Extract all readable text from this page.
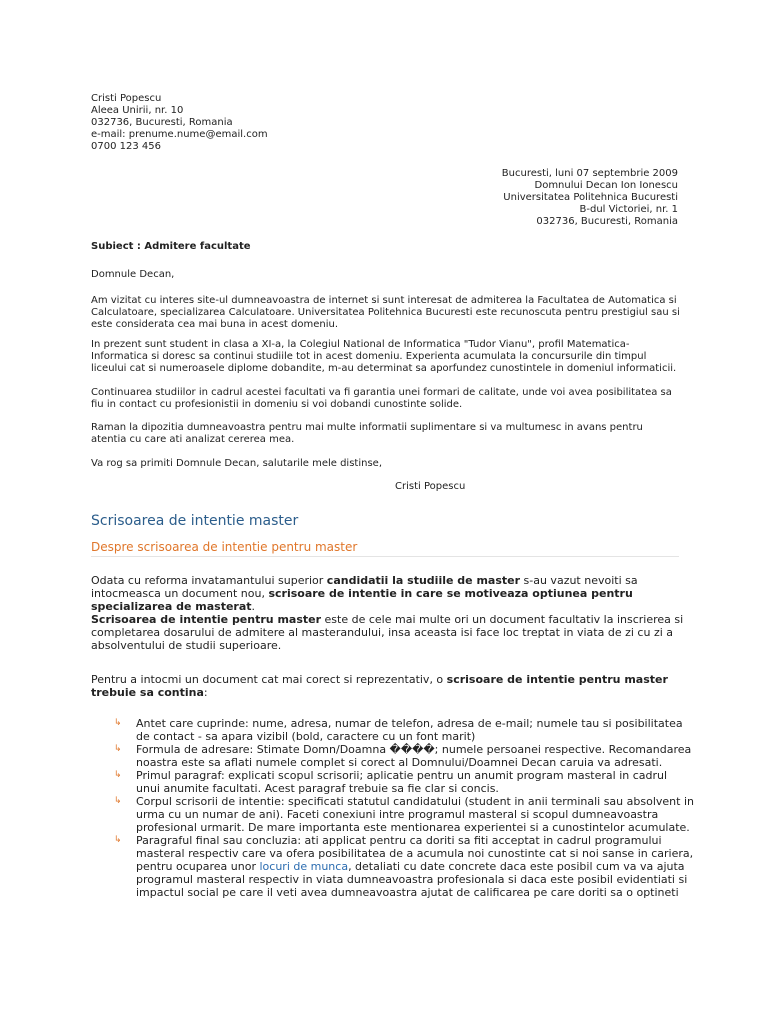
Cristi Popescu
Aleea Unirii, nr. 10
032736, Bucuresti, Romania
e-mail: prenume.nume@email.com
0700 123 456
Bucuresti, luni 07 septembrie 2009
Domnului Decan Ion Ionescu
Universitatea Politehnica Bucuresti
B-dul Victoriei, nr. 1
032736, Bucuresti, Romania
Subiect : Admitere facultate
Domnule Decan,
Am vizitat cu interes site-ul dumneavoastra de internet si sunt interesat de admiterea la Facultatea de Automatica si Calculatoare, specializarea Calculatoare. Universitatea Politehnica Bucuresti este recunoscuta pentru prestigiul sau si este considerata cea mai buna in acest domeniu.
In prezent sunt student in clasa a XI-a, la Colegiul National de Informatica "Tudor Vianu", profil Matematica-Informatica si doresc sa continui studiile tot in acest domeniu. Experienta acumulata la concursurile din timpul liceului cat si numeroasele diplome dobandite, m-au determinat sa aporfundez cunostintele in domeniul informaticii.
Continuarea studiilor in cadrul acestei facultati va fi garantia unei formari de calitate, unde voi avea posibilitatea sa fiu in contact cu profesionistii in domeniu si voi dobandi cunostinte solide.
Raman la dipozitia dumneavoastra pentru mai multe informatii suplimentare si va multumesc in avans pentru atentia cu care ati analizat cererea mea.
Va rog sa primiti Domnule Decan, salutarile mele distinse,
Cristi Popescu
Scrisoarea de intentie master
Despre scrisoarea de intentie pentru master
Odata cu reforma invatamantului superior candidatii la studiile de master s-au vazut nevoiti sa intocmeasca un document nou, scrisoare de intentie in care se motiveaza optiunea pentru specializarea de masterat.
Scrisoarea de intentie pentru master este de cele mai multe ori un document facultativ la inscrierea si completarea dosarului de admitere al masterandului, insa aceasta isi face loc treptat in viata de zi cu zi a absolventului de studii superioare.
Pentru a intocmi un document cat mai corect si reprezentativ, o scrisoare de intentie pentru master trebuie sa contina:
↳ Antet care cuprinde: nume, adresa, numar de telefon, adresa de e-mail; numele tau si posibilitatea de contact - sa apara vizibil (bold, caractere cu un font marit)
↳ Formula de adresare: Stimate Domn/Doamna ����; numele persoanei respective. Recomandarea noastra este sa aflati numele complet si corect al Domnului/Doamnei Decan caruia va adresati.
↳ Primul paragraf: explicati scopul scrisorii; aplicatie pentru un anumit program masteral in cadrul unui anumite facultati. Acest paragraf trebuie sa fie clar si concis.
↳ Corpul scrisorii de intentie: specificati statutul candidatului (student in anii terminali sau absolvent in urma cu un numar de ani). Faceti conexiuni intre programul masteral si scopul dumneavoastra profesional urmarit. De mare importanta este mentionarea experientei si a cunostintelor acumulate.
↳ Paragraful final sau concluzia: ati applicat pentru ca doriti sa fiti acceptat in cadrul programului masteral respectiv care va ofera posibilitatea de a acumula noi cunostinte cat si noi sanse in cariera, pentru ocuparea unor locuri de munca, detaliati cu date concrete daca este posibil cum va va ajuta programul masteral respectiv in viata dumneavoastra profesionala si daca este posibil evidentiati si impactul social pe care il veti avea dumneavoastra ajutat de calificarea pe care doriti sa o optineti
